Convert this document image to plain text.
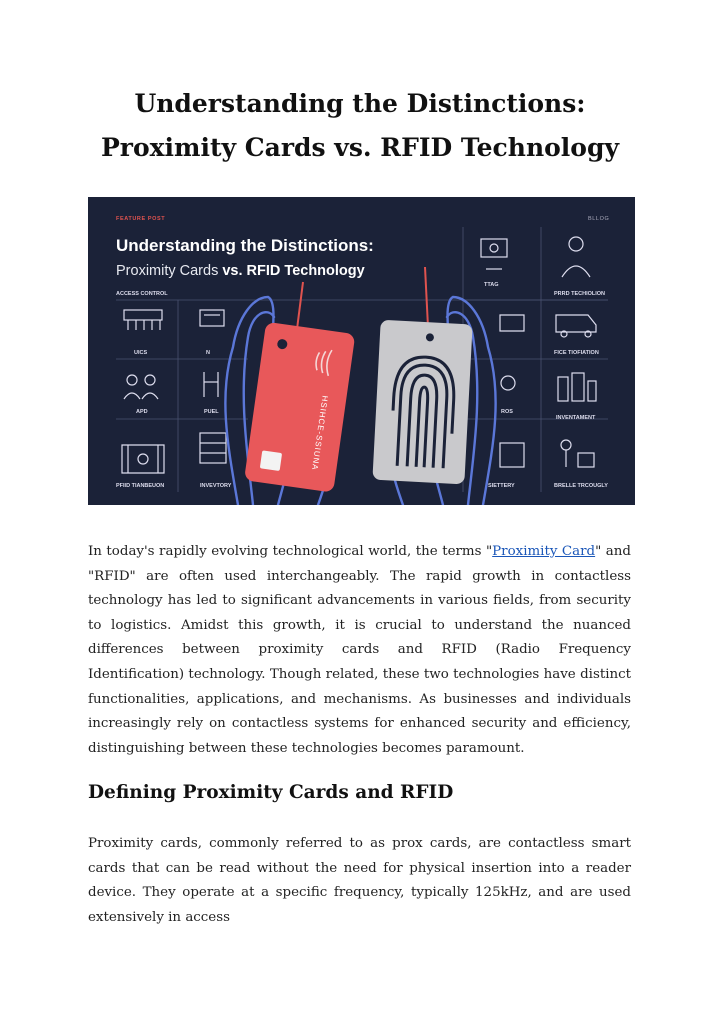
Understanding the Distinctions:
Proximity Cards vs. RFID Technology
FEATURE POST	BLLOG
Understanding the Distinctions:
Proximity Cards vs. RFID Technology
ACCESS CONTROL
UICS
APD
PFIID TIANBEUON
N
PUEL
INVEVTORY
TTAG
PRRD TECHIOLION
FICE TIOFIATION
INVENTAMENT
BRELLE TRCOUGLY
ROS
SIETTERY
HSIHCE-SSIUNA

In today's rapidly evolving technological world, the terms "Proximity Card" and "RFID" are often used interchangeably. The rapid growth in contactless technology has led to significant advancements in various fields, from security to logistics. Amidst this growth, it is crucial to understand the nuanced differences between proximity cards and RFID (Radio Frequency Identification) technology. Though related, these two technologies have distinct functionalities, applications, and mechanisms. As businesses and individuals increasingly rely on contactless systems for enhanced security and efficiency, distinguishing between these technologies becomes paramount.

Defining Proximity Cards and RFID

Proximity cards, commonly referred to as prox cards, are contactless smart cards that can be read without the need for physical insertion into a reader device. They operate at a specific frequency, typically 125kHz, and are used extensively in access
